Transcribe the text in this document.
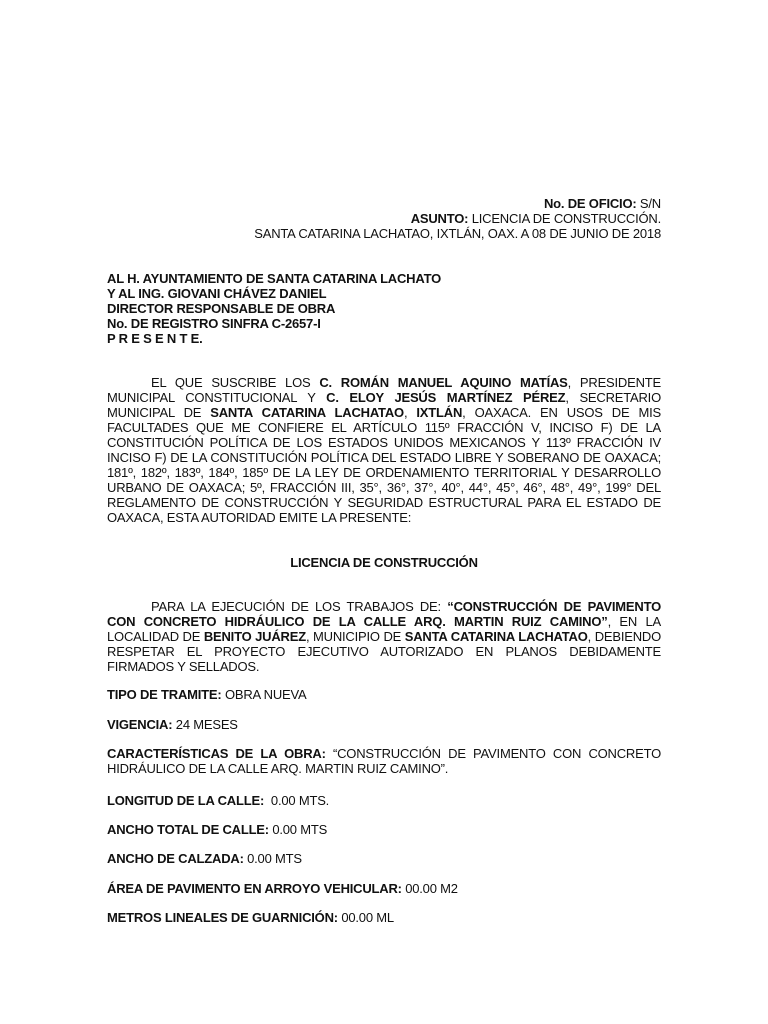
No. DE OFICIO: S/N
ASUNTO: LICENCIA DE CONSTRUCCIÓN.
SANTA CATARINA LACHATAO, IXTLÁN, OAX. A 08 DE JUNIO DE 2018
AL H. AYUNTAMIENTO DE SANTA CATARINA LACHATO
Y AL ING. GIOVANI CHÁVEZ DANIEL
DIRECTOR RESPONSABLE DE OBRA
No. DE REGISTRO SINFRA C-2657-I
P R E S E N T E.
EL QUE SUSCRIBE LOS C. ROMÁN MANUEL AQUINO MATÍAS, PRESIDENTE MUNICIPAL CONSTITUCIONAL Y C. ELOY JESÚS MARTÍNEZ PÉREZ, SECRETARIO MUNICIPAL DE SANTA CATARINA LACHATAO, IXTLÁN, OAXACA. EN USOS DE MIS FACULTADES QUE ME CONFIERE EL ARTÍCULO 115º FRACCIÓN V, INCISO F) DE LA CONSTITUCIÓN POLÍTICA DE LOS ESTADOS UNIDOS MEXICANOS Y 113º FRACCIÓN IV INCISO F) DE LA CONSTITUCIÓN POLÍTICA DEL ESTADO LIBRE Y SOBERANO DE OAXACA; 181º, 182º, 183º, 184º, 185º DE LA LEY DE ORDENAMIENTO TERRITORIAL Y DESARROLLO URBANO DE OAXACA; 5º, FRACCIÓN III, 35°, 36°, 37°, 40°, 44°, 45°, 46°, 48°, 49°, 199° DEL REGLAMENTO DE CONSTRUCCIÓN Y SEGURIDAD ESTRUCTURAL PARA EL ESTADO DE OAXACA, ESTA AUTORIDAD EMITE LA PRESENTE:
LICENCIA DE CONSTRUCCIÓN
PARA LA EJECUCIÓN DE LOS TRABAJOS DE: “CONSTRUCCIÓN DE PAVIMENTO CON CONCRETO HIDRÁULICO DE LA CALLE ARQ. MARTIN RUIZ CAMINO”, EN LA LOCALIDAD DE BENITO JUÁREZ, MUNICIPIO DE SANTA CATARINA LACHATAO, DEBIENDO RESPETAR EL PROYECTO EJECUTIVO AUTORIZADO EN PLANOS DEBIDAMENTE FIRMADOS Y SELLADOS.
TIPO DE TRAMITE: OBRA NUEVA
VIGENCIA: 24 MESES
CARACTERÍSTICAS DE LA OBRA: “CONSTRUCCIÓN DE PAVIMENTO CON CONCRETO HIDRÁULICO DE LA CALLE ARQ. MARTIN RUIZ CAMINO”.
LONGITUD DE LA CALLE:  0.00 MTS.
ANCHO TOTAL DE CALLE: 0.00 MTS
ANCHO DE CALZADA: 0.00 MTS
ÁREA DE PAVIMENTO EN ARROYO VEHICULAR: 00.00 M2
METROS LINEALES DE GUARNICIÓN: 00.00 ML
